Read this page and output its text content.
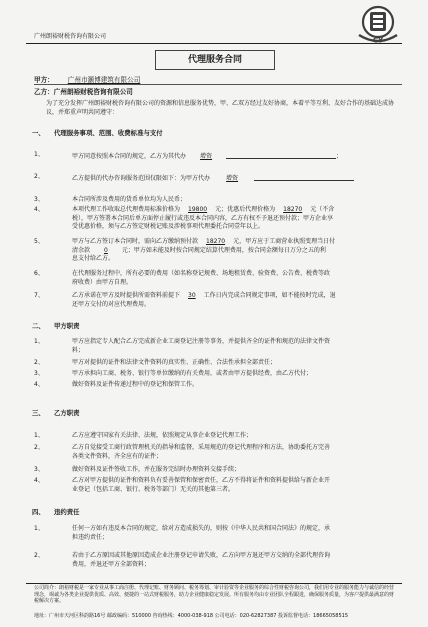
广州朗裕财税咨询有限公司	CY
代理服务合同
甲方： 广州市灏博建筑有限公司
乙方：广州朗裕财税咨询有限公司
为了充分发挥广州朗裕财税咨询有限公司的资源和信息服务优势，甲、乙双方经过友好协商，本着平等互利、友好合作的基础达成协议，并郑重声明共同遵守：
一、 代理服务事项、范围、收费标准与支付
1、	甲方同意按照本合同的规定，乙方为其代办 增资	；
2、	乙方提供的代办咨询服务范围仅限如下：为甲方代办	增资
3、	本合同所涉及费用的货币单位均为人民币；
4、	本项代理工作收取总代理费用标准价格为 19800 元；优惠后代理价格为 18270 元（不含
税），甲方签署本合同后单方面停止履行或违反本合同内容，乙方有权不予退还预付款；甲方企业享
受优惠价格，须与乙方签定财税记账及涉税事项代理委托合同壹年以上。
5、	甲方与乙方签订本合同时，需向乙方缴纳预付款 18270 元，甲方应于工商营业执照变理当日付
清余款 0 元；甲方如未能及时按合同规定结算代理费用，按合同金额每日万分之五的利
息支付给乙方。
6、	在代理服务过程中，所有必要的费用（如名称登记规费、场地租赁费、验资费、公告费、税费等政
府收费）由甲方自理。
7、	乙方承诺在甲方及时提供所需资料前提下 30 工作日内完成合同规定事项，如不能按时完成，退
还甲方交付的对应代理费用。
二、 甲方职责
1、	甲方应指定专人配合乙方完成新企业工商登记注册等事务，并提供齐全的证件和规范的法律文件资
料；
2、	甲方对提供的证件和法律文件资料的真实性、正确性、合法性承担全部责任；
3、	甲方承担向工商、税务、银行等单位缴纳的有关费用，或者由甲方提供经费，由乙方代付；
4、	做好资料及证件传递过程中的登记和保管工作。
三、 乙方职责
1、	乙方应遵守国家有关法律、法规，依照规定从事企业登记代理工作；
2、	乙方自觉接受工商行政管理机关的指导和监督，采用规范的登记代理程序和方法，协助委托方完善
各类文件资料，齐全应有的证件；
3、	做好资料及证件签收工作，并在服务完结时办理资料交接手续；
4、	乙方对甲方提供的证件和资料负有妥善保管和保密责任，乙方不得将证件和资料提供给与新企业开
业登记（包括工商、银行、税务等部门）无关的其他第三者。
四、 违约责任
1、	任何一方如有违反本合同的规定，给对方造成损失的，则按《中华人民共和国合同法》的规定，承
担违约责任；
2、	若由于乙方原因或其他原因造成企业注册登记申请失败，乙方向甲方退还甲方交纳的全部代理咨询
费用，并退还甲方全部资料；
公司简介：朗裕财税是一家专业从事工商注册、代理记账、财务顾问、税务筹划、审计验资等企业服务的综合性财税咨询公司，我们用专业的服务能力与诚信的经营理念，竭诚为各类企业提供优质、高效、便捷的一站式财税服务，助力企业健康稳定发展。所有服务均由专业团队全程跟进，确保服务质量，为客户提供最满意的财税解决方案。
地址：广州市天河区科韵路16号 邮政编码：510000 咨询热线：4000-038-918 公司电话：020-62827387 投诉监督电话：18665058515
